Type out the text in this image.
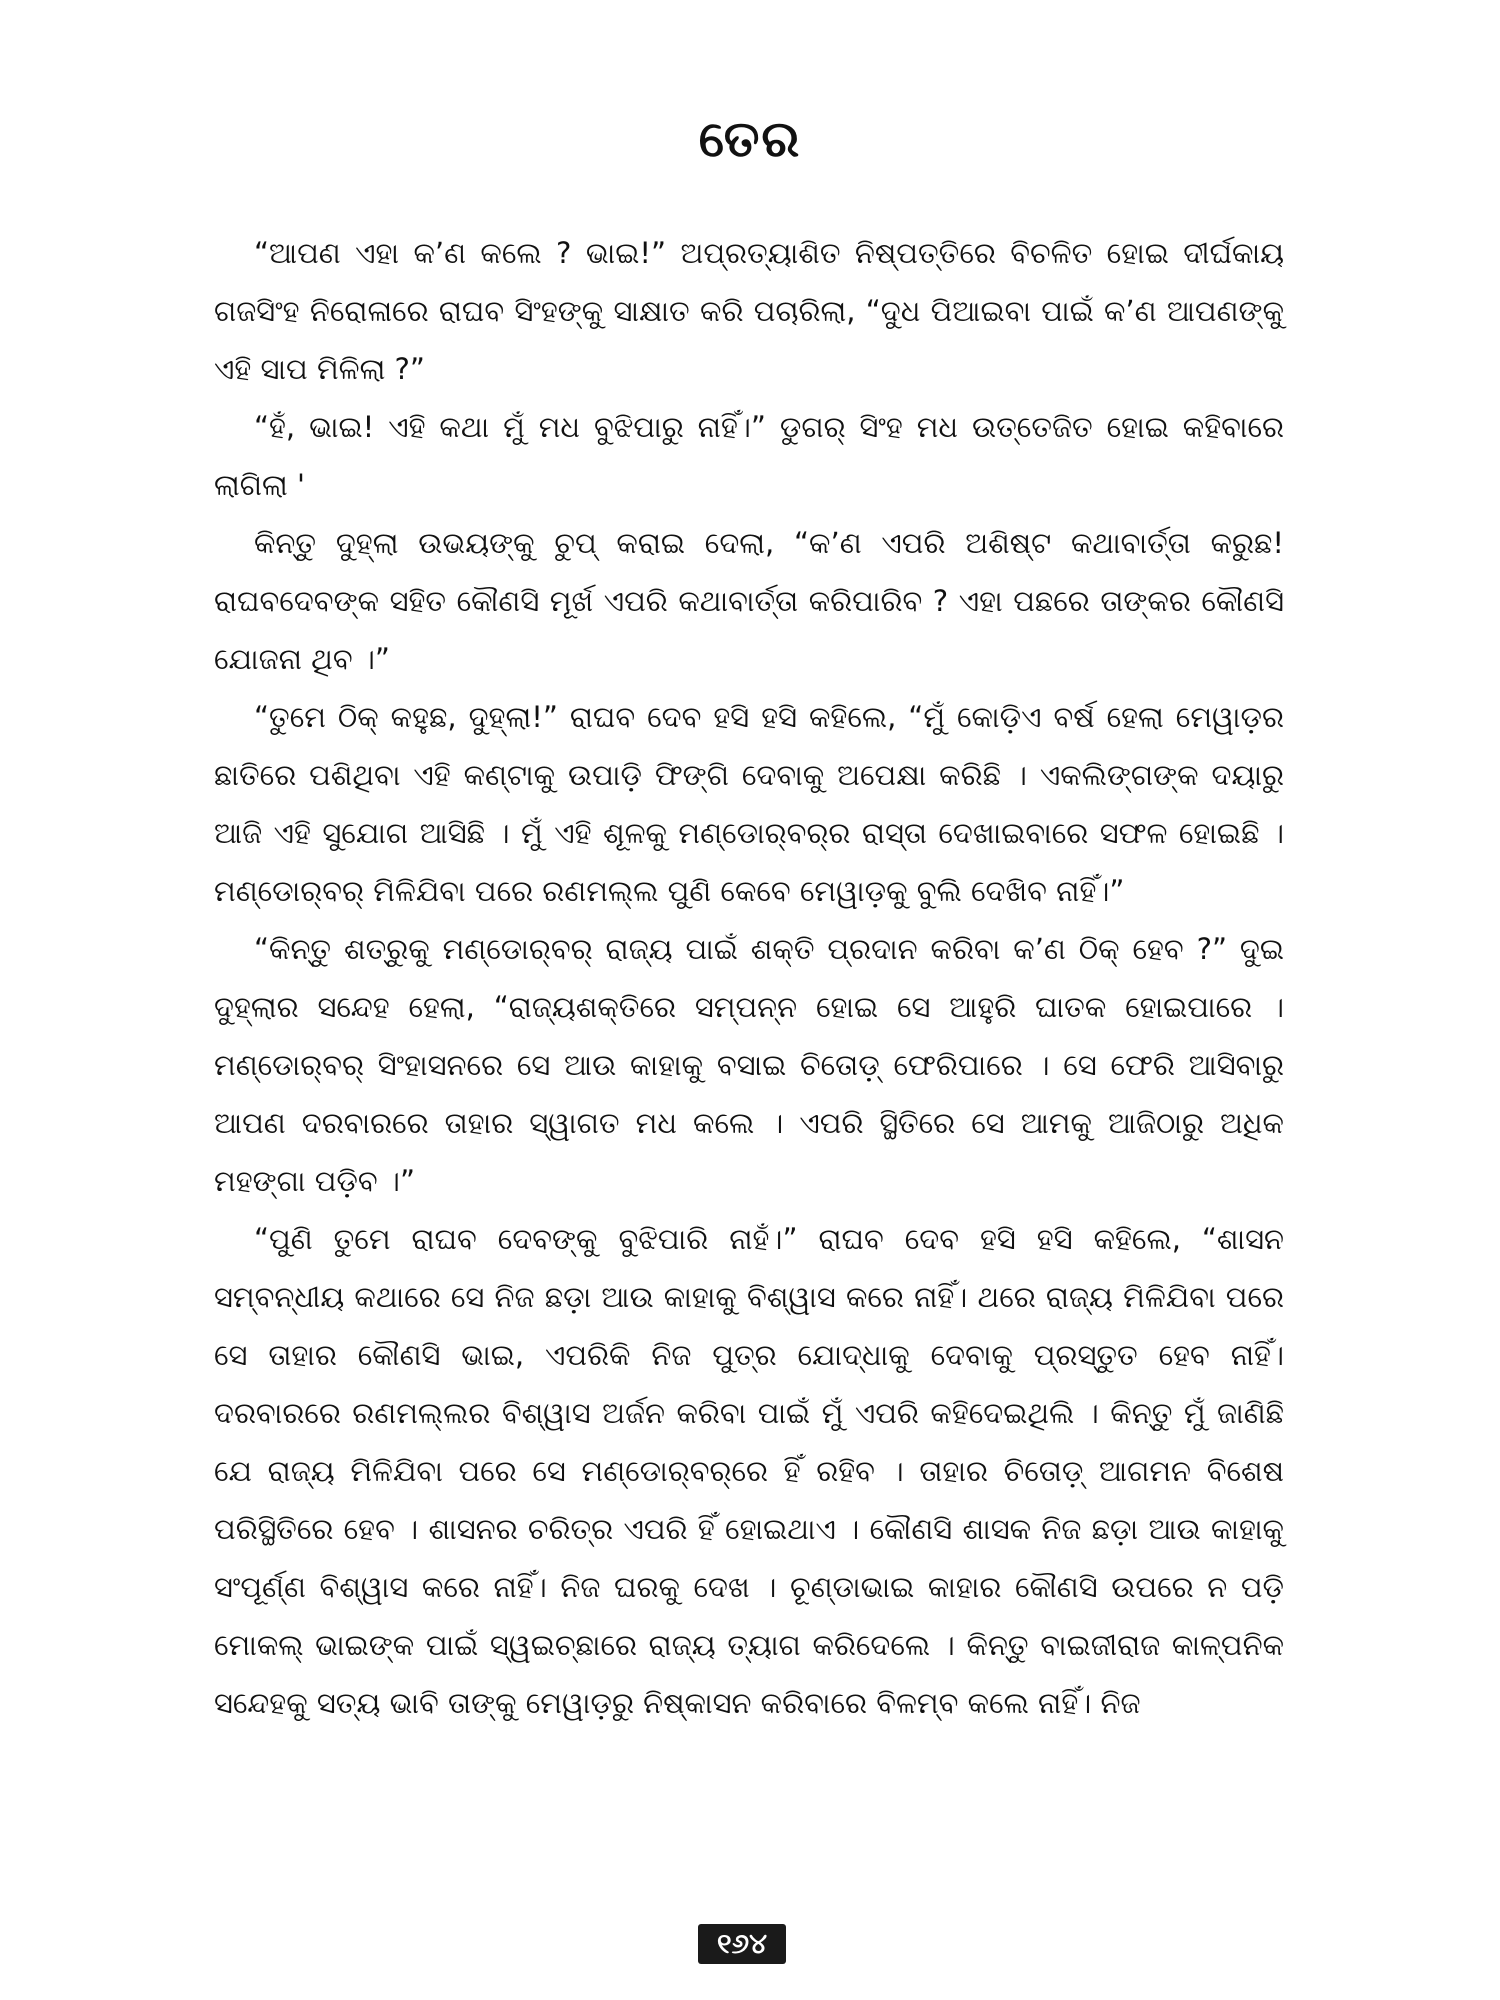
ତେର

“ଆପଣ ଏହା କ’ଣ କଲେ ? ଭାଇ!” ଅପ୍ରତ୍ୟାଶିତ ନିଷ୍ପତ୍ତିରେ ବିଚଳିତ ହୋଇ ଦୀର୍ଘକାୟ ଗଜସିଂହ ନିରୋଳାରେ ରାଘବ ସିଂହଙ୍କୁ ସାକ୍ଷାତ କରି ପଚାରିଲା, “ଦୁଧ ପିଆଇବା ପାଇଁ କ’ଣ ଆପଣଙ୍କୁ ଏହି ସାପ ମିଳିଲା ?”

“ହଁ, ଭାଇ! ଏହି କଥା ମୁଁ ମଧ ବୁଝିପାରୁ ନାହିଁ।” ଡୁଗର୍ ସିଂହ ମଧ ଉତ୍ତେଜିତ ହୋଇ କହିବାରେ ଲାଗିଲା '

କିନ୍ତୁ ଦୁହ୍ଲା ଉଭୟଙ୍କୁ ଚୁପ୍ କରାଇ ଦେଲା, “କ’ଣ ଏପରି ଅଶିଷ୍ଟ କଥାବାର୍ତ୍ତା କରୁଛ! ରାଘବଦେବଙ୍କ ସହିତ କୌଣସି ମୂର୍ଖ ଏପରି କଥାବାର୍ତ୍ତା କରିପାରିବ ? ଏହା ପଛରେ ତାଙ୍କର କୌଣସି ଯୋଜନା ଥିବ ।”

“ତୁମେ ଠିକ୍ କହୁଛ, ଦୁହ୍ଲା!” ରାଘବ ଦେବ ହସି ହସି କହିଲେ, “ମୁଁ କୋଡ଼ିଏ ବର୍ଷ ହେଲା ମେୱାଡ଼ର ଛାତିରେ ପଶିଥିବା ଏହି କଣ୍ଟାକୁ ଉପାଡ଼ି ଫିଙ୍ଗି ଦେବାକୁ ଅପେକ୍ଷା କରିଛି । ଏକଲିଙ୍ଗଙ୍କ ଦୟାରୁ ଆଜି ଏହି ସୁଯୋଗ ଆସିଛି । ମୁଁ ଏହି ଶୂଳକୁ ମଣ୍ଡୋର୍‌ବର୍‌ର ରାସ୍ତା ଦେଖାଇବାରେ ସଫଳ ହୋଇଛି । ମଣ୍ଡୋର୍‌ବର୍ ମିଳିଯିବା ପରେ ରଣମଲ୍ଲ ପୁଣି କେବେ ମେୱାଡ଼କୁ ବୁଲି ଦେଖିବ ନାହିଁ।”

“କିନ୍ତୁ ଶତ୍ରୁକୁ ମଣ୍ଡୋର୍‌ବର୍ ରାଜ୍ୟ ପାଇଁ ଶକ୍ତି ପ୍ରଦାନ କରିବା କ’ଣ ଠିକ୍ ହେବ ?” ଦୁଇ ଦୁହ୍ଲାର ସନ୍ଦେହ ହେଲା, “ରାଜ୍ୟଶକ୍ତିରେ ସମ୍ପନ୍ନ ହୋଇ ସେ ଆହୁରି ଘାତକ ହୋଇପାରେ । ମଣ୍ଡୋର୍‌ବର୍ ସିଂହାସନରେ ସେ ଆଉ କାହାକୁ ବସାଇ ଚିତୋଡ଼୍ ଫେରିପାରେ । ସେ ଫେରି ଆସିବାରୁ ଆପଣ ଦରବାରରେ ତାହାର ସ୍ୱାଗତ ମଧ କଲେ । ଏପରି ସ୍ଥିତିରେ ସେ ଆମକୁ ଆଜିଠାରୁ ଅଧିକ ମହଙ୍ଗା ପଡ଼ିବ ।”

“ପୁଣି ତୁମେ ରାଘବ ଦେବଙ୍କୁ ବୁଝିପାରି ନାହଁ।” ରାଘବ ଦେବ ହସି ହସି କହିଲେ, “ଶାସନ ସମ୍ବନ୍ଧୀୟ କଥାରେ ସେ ନିଜ ଛଡ଼ା ଆଉ କାହାକୁ ବିଶ୍ୱାସ କରେ ନାହିଁ। ଥରେ ରାଜ୍ୟ ମିଳିଯିବା ପରେ ସେ ତାହାର କୌଣସି ଭାଇ, ଏପରିକି ନିଜ ପୁତ୍ର ଯୋଦ୍ଧାକୁ ଦେବାକୁ ପ୍ରସ୍ତୁତ ହେବ ନାହିଁ। ଦରବାରରେ ରଣମଲ୍ଲର ବିଶ୍ୱାସ ଅର୍ଜନ କରିବା ପାଇଁ ମୁଁ ଏପରି କହିଦେଇଥିଲି । କିନ୍ତୁ ମୁଁ ଜାଣିଛି ଯେ ରାଜ୍ୟ ମିଳିଯିବା ପରେ ସେ ମଣ୍ଡୋର୍‌ବର୍‌ରେ ହିଁ ରହିବ । ତାହାର ଚିତୋଡ଼୍ ଆଗମନ ବିଶେଷ ପରିସ୍ଥିତିରେ ହେବ । ଶାସନର ଚରିତ୍ର ଏପରି ହିଁ ହୋଇଥାଏ । କୌଣସି ଶାସକ ନିଜ ଛଡ଼ା ଆଉ କାହାକୁ ସଂପୂର୍ଣ୍ଣ ବିଶ୍ୱାସ କରେ ନାହିଁ। ନିଜ ଘରକୁ ଦେଖ । ଚୂଣ୍ଡାଭାଇ କାହାର କୌଣସି ଉପରେ ନ ପଡ଼ି ମୋକଲ୍ ଭାଇଙ୍କ ପାଇଁ ସ୍ୱଇଚ୍ଛାରେ ରାଜ୍ୟ ତ୍ୟାଗ କରିଦେଲେ । କିନ୍ତୁ ବାଇଜୀରାଜ କାଳ୍ପନିକ ସନ୍ଦେହକୁ ସତ୍ୟ ଭାବି ତାଙ୍କୁ ମେୱାଡ଼ରୁ ନିଷ୍କାସନ କରିବାରେ ବିଳମ୍ବ କଲେ ନାହିଁ। ନିଜ

୧୬୪
